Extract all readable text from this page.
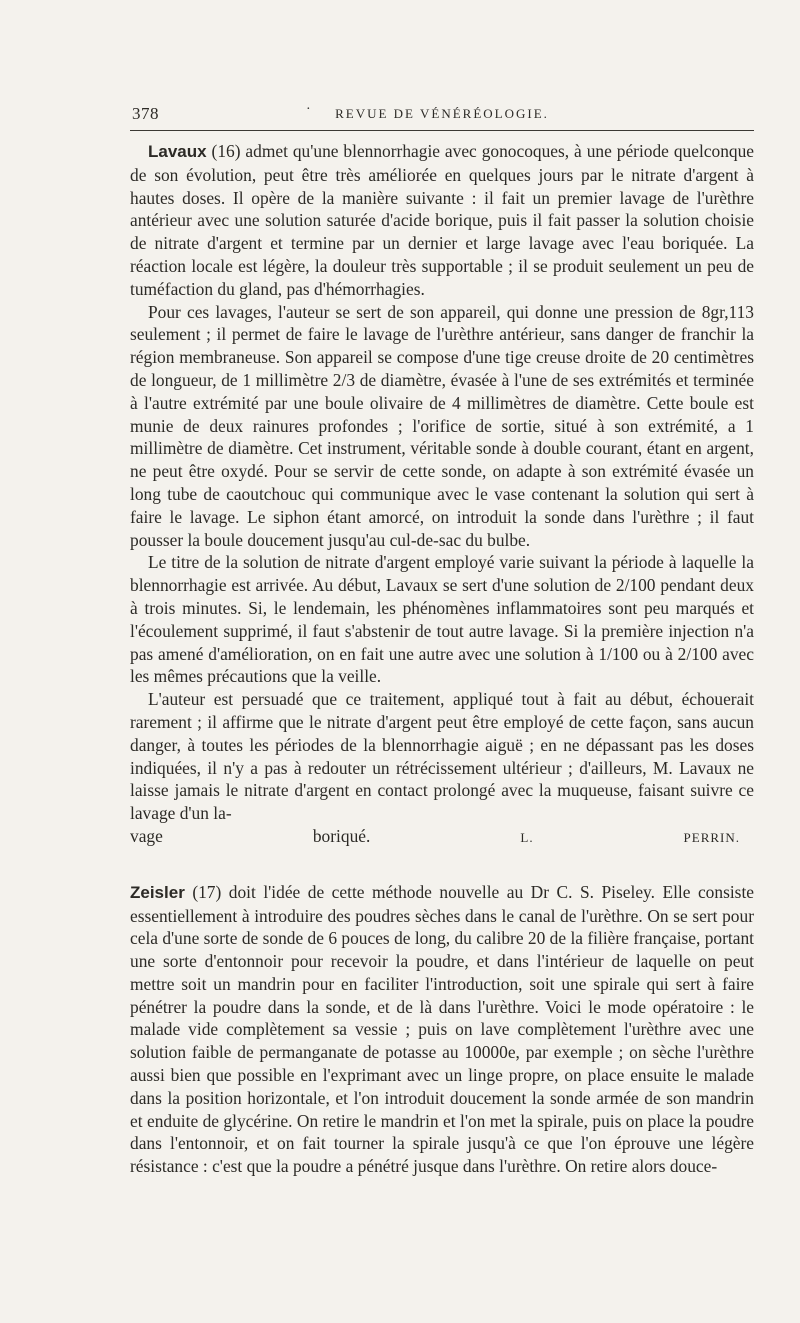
378	·	REVUE DE VÉNÉRÉOLOGIE.

Lavaux (16) admet qu'une blennorrhagie avec gonocoques, à une période quelconque de son évolution, peut être très améliorée en quelques jours par le nitrate d'argent à hautes doses. Il opère de la manière suivante : il fait un premier lavage de l'urèthre antérieur avec une solution saturée d'acide borique, puis il fait passer la solution choisie de nitrate d'argent et termine par un dernier et large lavage avec l'eau boriquée. La réaction locale est légère, la douleur très supportable ; il se produit seulement un peu de tuméfaction du gland, pas d'hémorrhagies.

Pour ces lavages, l'auteur se sert de son appareil, qui donne une pression de 8gr,113 seulement ; il permet de faire le lavage de l'urèthre antérieur, sans danger de franchir la région membraneuse. Son appareil se compose d'une tige creuse droite de 20 centimètres de longueur, de 1 millimètre 2/3 de diamètre, évasée à l'une de ses extrémités et terminée à l'autre extrémité par une boule olivaire de 4 millimètres de diamètre. Cette boule est munie de deux rainures profondes ; l'orifice de sortie, situé à son extrémité, a 1 millimètre de diamètre. Cet instrument, véritable sonde à double courant, étant en argent, ne peut être oxydé. Pour se servir de cette sonde, on adapte à son extrémité évasée un long tube de caoutchouc qui communique avec le vase contenant la solution qui sert à faire le lavage. Le siphon étant amorcé, on introduit la sonde dans l'urèthre ; il faut pousser la boule doucement jusqu'au cul-de-sac du bulbe.

Le titre de la solution de nitrate d'argent employé varie suivant la période à laquelle la blennorrhagie est arrivée. Au début, Lavaux se sert d'une solution de 2/100 pendant deux à trois minutes. Si, le lendemain, les phénomènes inflammatoires sont peu marqués et l'écoulement supprimé, il faut s'abstenir de tout autre lavage. Si la première injection n'a pas amené d'amélioration, on en fait une autre avec une solution à 1/100 ou à 2/100 avec les mêmes précautions que la veille.

L'auteur est persuadé que ce traitement, appliqué tout à fait au début, échouerait rarement ; il affirme que le nitrate d'argent peut être employé de cette façon, sans aucun danger, à toutes les périodes de la blennorrhagie aiguë ; en ne dépassant pas les doses indiquées, il n'y a pas à redouter un rétrécissement ultérieur ; d'ailleurs, M. Lavaux ne laisse jamais le nitrate d'argent en contact prolongé avec la muqueuse, faisant suivre ce lavage d'un la-

vage boriqué.	L. PERRIN.

Zeisler (17) doit l'idée de cette méthode nouvelle au Dr C. S. Piseley. Elle consiste essentiellement à introduire des poudres sèches dans le canal de l'urèthre. On se sert pour cela d'une sorte de sonde de 6 pouces de long, du calibre 20 de la filière française, portant une sorte d'entonnoir pour recevoir la poudre, et dans l'intérieur de laquelle on peut mettre soit un mandrin pour en faciliter l'introduction, soit une spirale qui sert à faire pénétrer la poudre dans la sonde, et de là dans l'urèthre. Voici le mode opératoire : le malade vide complètement sa vessie ; puis on lave complètement l'urèthre avec une solution faible de permanganate de potasse au 10000e, par exemple ; on sèche l'urèthre aussi bien que possible en l'exprimant avec un linge propre, on place ensuite le malade dans la position horizontale, et l'on introduit doucement la sonde armée de son mandrin et enduite de glycérine. On retire le mandrin et l'on met la spirale, puis on place la poudre dans l'entonnoir, et on fait tourner la spirale jusqu'à ce que l'on éprouve une légère résistance : c'est que la poudre a pénétré jusque dans l'urèthre. On retire alors douce-
